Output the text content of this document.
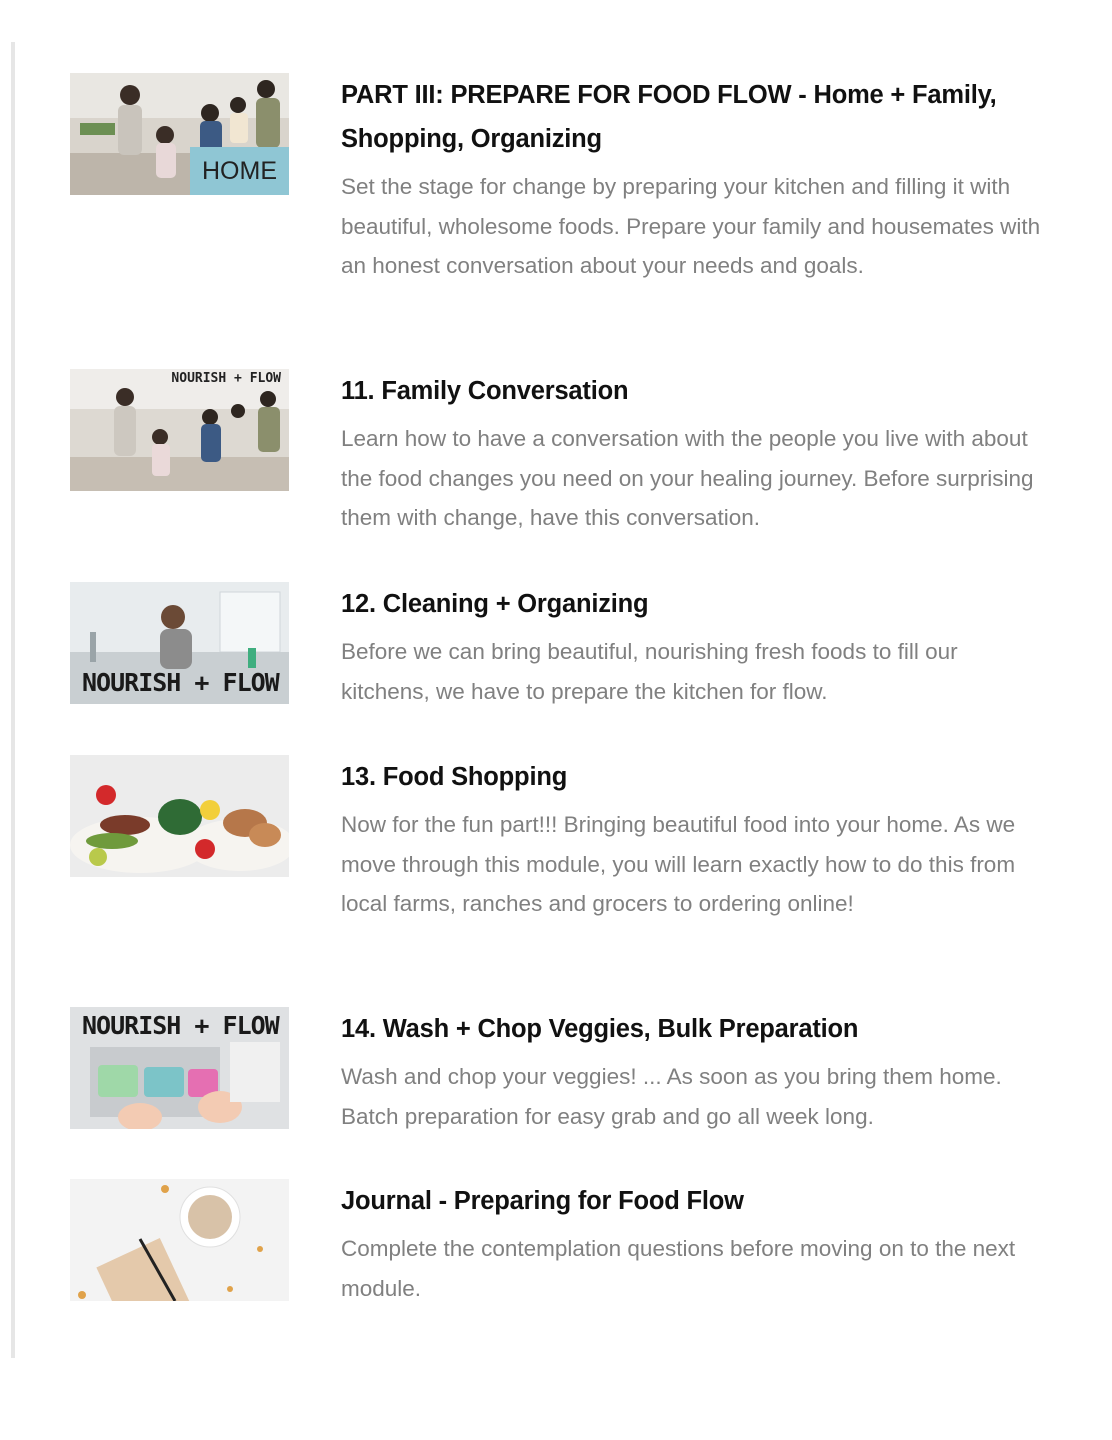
HOME
PART III: PREPARE FOR FOOD FLOW - Home + Family, Shopping, Organizing

Set the stage for change by preparing your kitchen and filling it with beautiful, wholesome foods. Prepare your family and housemates with an honest conversation about your needs and goals.

NOURISH + FLOW 11. Family Conversation

Learn how to have a conversation with the people you live with about the food changes you need on your healing journey. Before surprising them with change, have this conversation.

NOURISH + FLOW
12. Cleaning + Organizing

Before we can bring beautiful, nourishing fresh foods to fill our kitchens, we have to prepare the kitchen for flow.

13. Food Shopping

Now for the fun part!!! Bringing beautiful food into your home. As we move through this module, you will learn exactly how to do this from local farms, ranches and grocers to ordering online!

NOURISH + FLOW 14. Wash + Chop Veggies, Bulk Preparation

Wash and chop your veggies! ... As soon as you bring them home. Batch preparation for easy grab and go all week long.

Journal - Preparing for Food Flow

Complete the contemplation questions before moving on to the next module.
